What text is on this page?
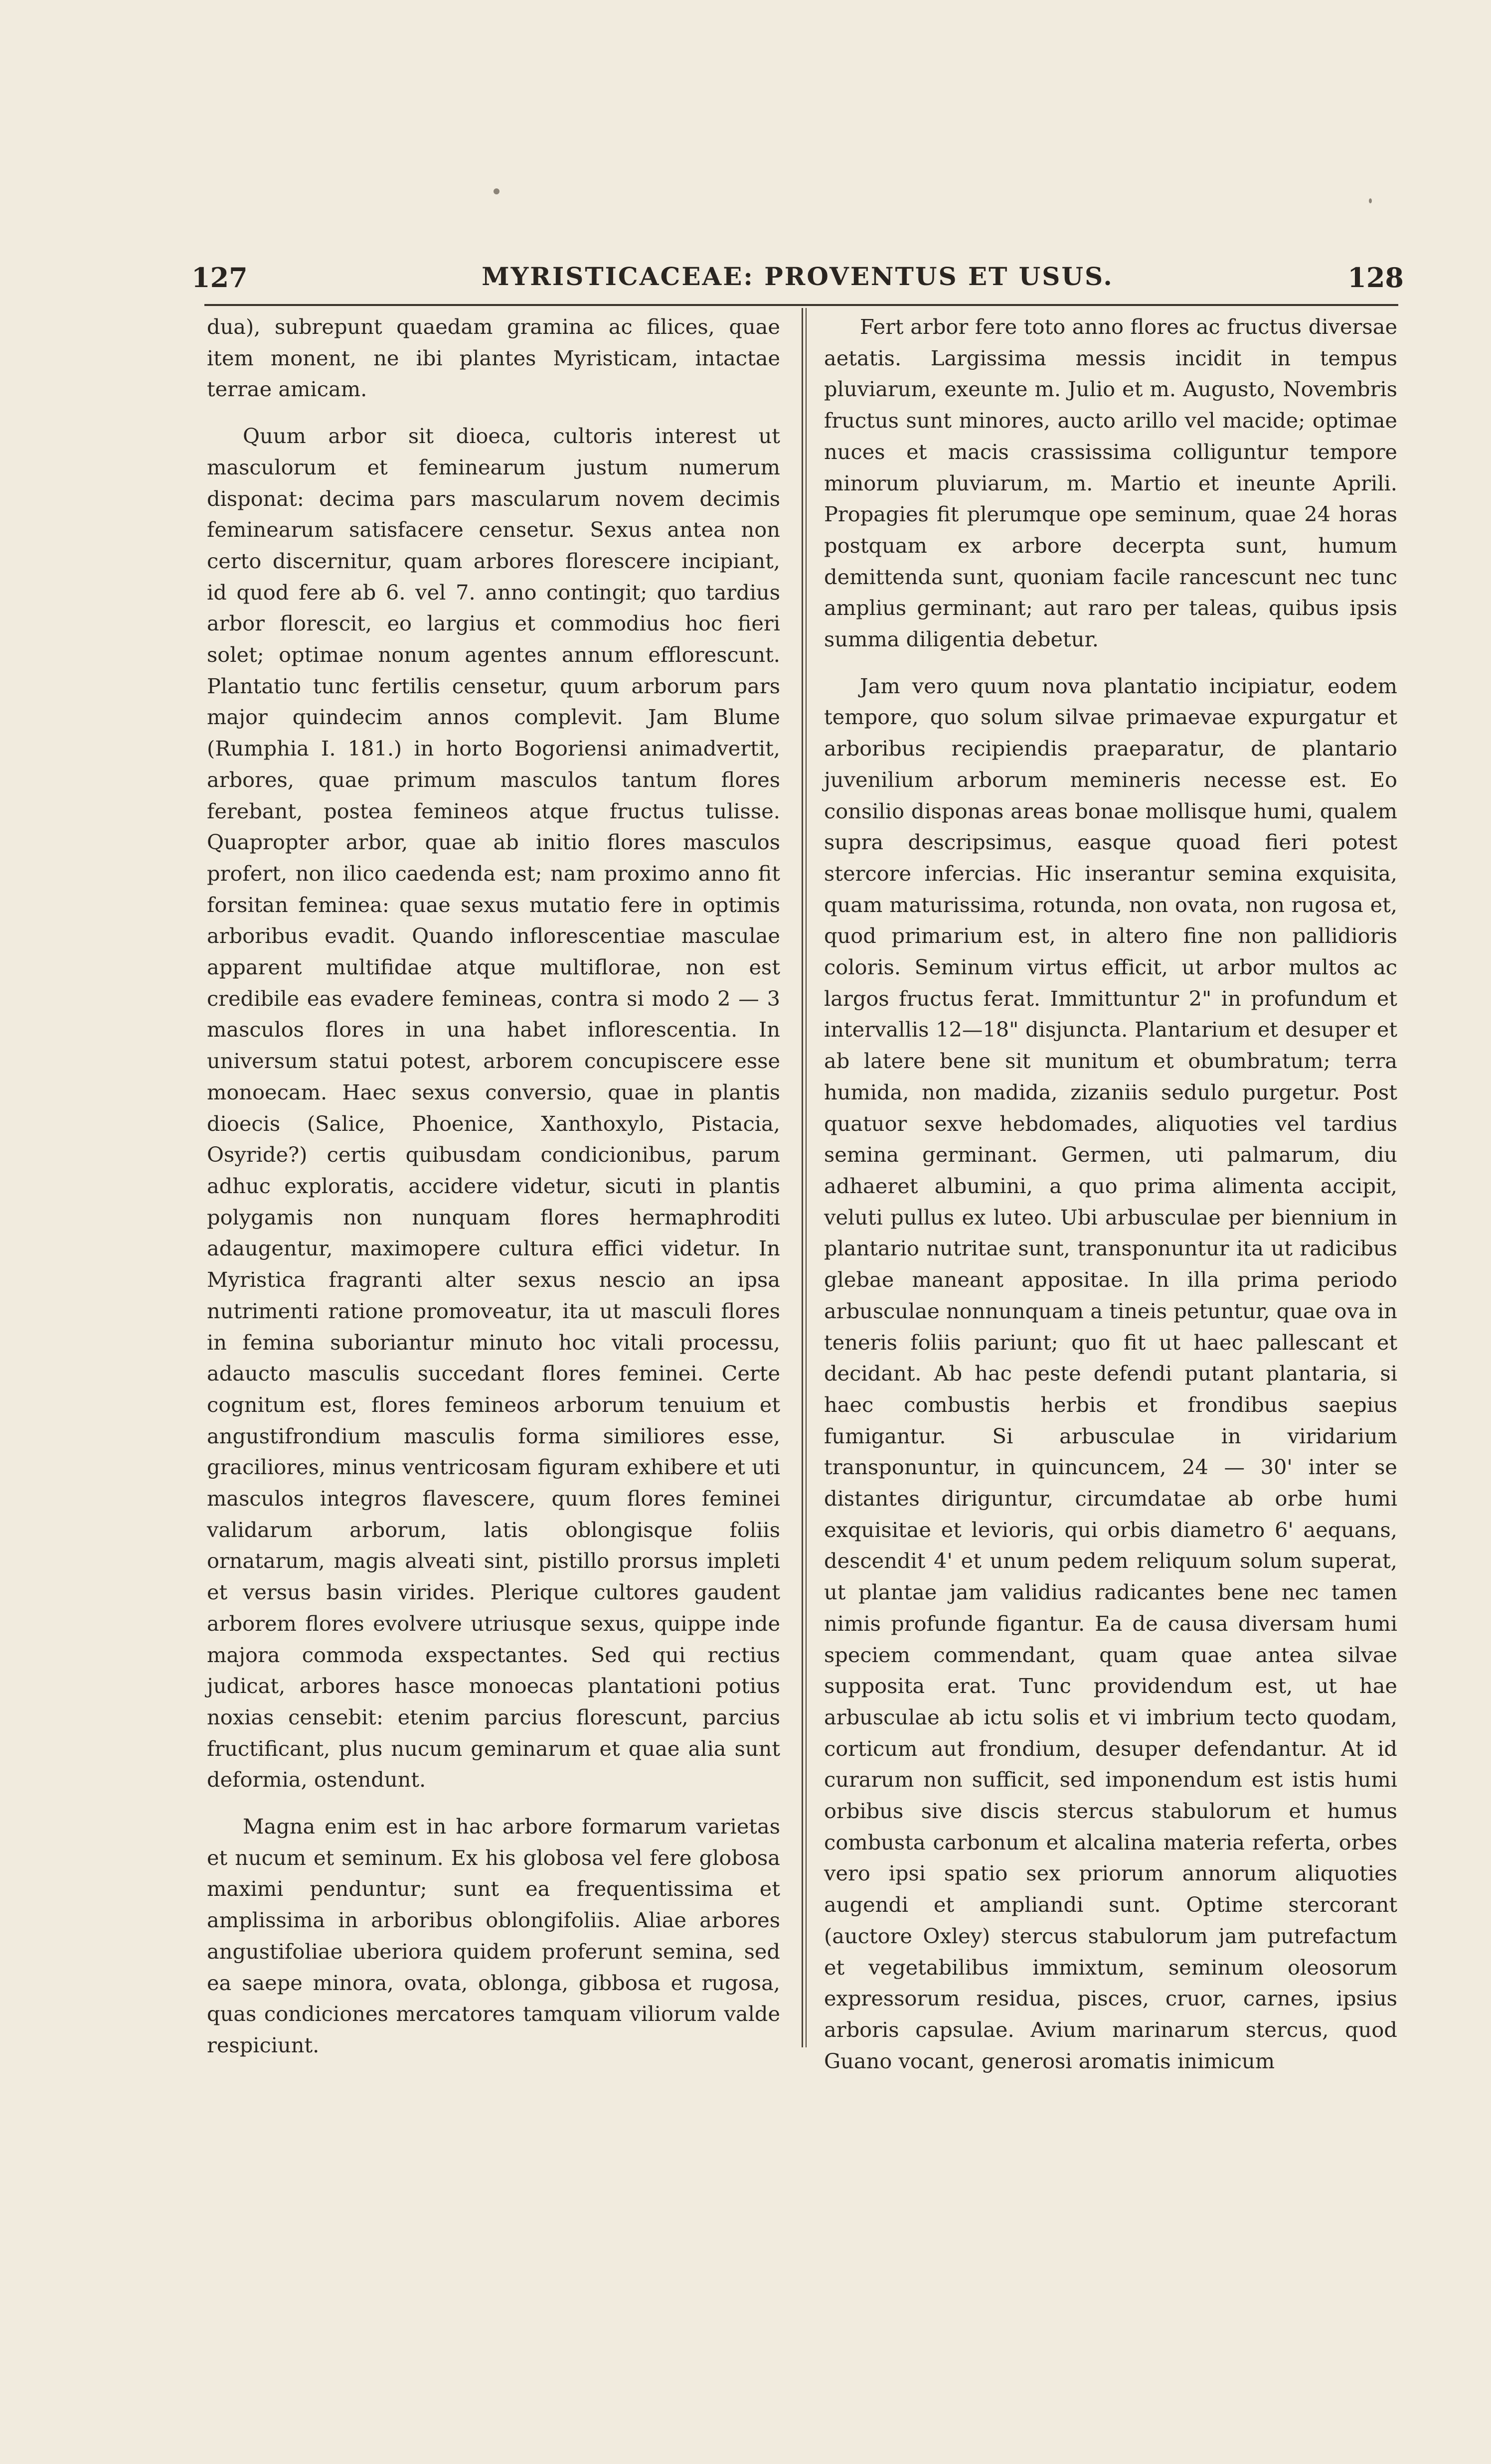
127	MYRISTICACEAE: PROVENTUS ET USUS.	128

dua), subrepunt quaedam gramina ac filices, quae item monent, ne ibi plantes Myristicam, intactae terrae amicam.

Quum arbor sit dioeca, cultoris interest ut masculorum et feminearum justum numerum disponat: decima pars mascularum novem decimis feminearum satisfacere censetur. Sexus antea non certo discernitur, quam arbores florescere incipiant, id quod fere ab 6. vel 7. anno contingit; quo tardius arbor florescit, eo largius et commodius hoc fieri solet; optimae nonum agentes annum efflorescunt. Plantatio tunc fertilis censetur, quum arborum pars major quindecim annos complevit. Jam Blume (Rumphia I. 181.) in horto Bogoriensi animadvertit, arbores, quae primum masculos tantum flores ferebant, postea femineos atque fructus tulisse. Quapropter arbor, quae ab initio flores masculos profert, non ilico caedenda est; nam proximo anno fit forsitan feminea: quae sexus mutatio fere in optimis arboribus evadit. Quando inflorescentiae masculae apparent multifidae atque multiflorae, non est credibile eas evadere femineas, contra si modo 2 — 3 masculos flores in una habet inflorescentia. In universum statui potest, arborem concupiscere esse monoecam. Haec sexus conversio, quae in plantis dioecis (Salice, Phoenice, Xanthoxylo, Pistacia, Osyride?) certis quibusdam condicionibus, parum adhuc exploratis, accidere videtur, sicuti in plantis polygamis non nunquam flores hermaphroditi adaugentur, maximopere cultura effici videtur. In Myristica fragranti alter sexus nescio an ipsa nutrimenti ratione promoveatur, ita ut masculi flores in femina suboriantur minuto hoc vitali processu, adaucto masculis succedant flores feminei. Certe cognitum est, flores femineos arborum tenuium et angustifrondium masculis forma similiores esse, graciliores, minus ventricosam figuram exhibere et uti masculos integros flavescere, quum flores feminei validarum arborum, latis oblongisque foliis ornatarum, magis alveati sint, pistillo prorsus impleti et versus basin virides. Plerique cultores gaudent arborem flores evolvere utriusque sexus, quippe inde majora commoda exspectantes. Sed qui rectius judicat, arbores hasce monoecas plantationi potius noxias censebit: etenim parcius florescunt, parcius fructificant, plus nucum geminarum et quae alia sunt deformia, ostendunt.

Magna enim est in hac arbore formarum varietas et nucum et seminum. Ex his globosa vel fere globosa maximi penduntur; sunt ea frequentissima et amplissima in arboribus oblongifoliis. Aliae arbores angustifoliae uberiora quidem proferunt semina, sed ea saepe minora, ovata, oblonga, gibbosa et rugosa, quas condiciones mercatores tamquam viliorum valde respiciunt.

Fert arbor fere toto anno flores ac fructus diversae aetatis. Largissima messis incidit in tempus pluviarum, exeunte m. Julio et m. Augusto, Novembris fructus sunt minores, aucto arillo vel macide; optimae nuces et macis crassissima colliguntur tempore minorum pluviarum, m. Martio et ineunte Aprili. Propagies fit plerumque ope seminum, quae 24 horas postquam ex arbore decerpta sunt, humum demittenda sunt, quoniam facile rancescunt nec tunc amplius germinant; aut raro per taleas, quibus ipsis summa diligentia debetur.

Jam vero quum nova plantatio incipiatur, eodem tempore, quo solum silvae primaevae expurgatur et arboribus recipiendis praeparatur, de plantario juvenilium arborum memineris necesse est. Eo consilio disponas areas bonae mollisque humi, qualem supra descripsimus, easque quoad fieri potest stercore infercias. Hic inserantur semina exquisita, quam maturissima, rotunda, non ovata, non rugosa et, quod primarium est, in altero fine non pallidioris coloris. Seminum virtus efficit, ut arbor multos ac largos fructus ferat. Immittuntur 2" in profundum et intervallis 12—18" disjuncta. Plantarium et desuper et ab latere bene sit munitum et obumbratum; terra humida, non madida, zizaniis sedulo purgetur. Post quatuor sexve hebdomades, aliquoties vel tardius semina germinant. Germen, uti palmarum, diu adhaeret albumini, a quo prima alimenta accipit, veluti pullus ex luteo. Ubi arbusculae per biennium in plantario nutritae sunt, transponuntur ita ut radicibus glebae maneant appositae. In illa prima periodo arbusculae nonnunquam a tineis petuntur, quae ova in teneris foliis pariunt; quo fit ut haec pallescant et decidant. Ab hac peste defendi putant plantaria, si haec combustis herbis et frondibus saepius fumigantur. Si arbusculae in viridarium transponuntur, in quincuncem, 24 — 30' inter se distantes diriguntur, circumdatae ab orbe humi exquisitae et levioris, qui orbis diametro 6' aequans, descendit 4' et unum pedem reliquum solum superat, ut plantae jam validius radicantes bene nec tamen nimis profunde figantur. Ea de causa diversam humi speciem commendant, quam quae antea silvae supposita erat. Tunc providendum est, ut hae arbusculae ab ictu solis et vi imbrium tecto quodam, corticum aut frondium, desuper defendantur. At id curarum non sufficit, sed imponendum est istis humi orbibus sive discis stercus stabulorum et humus combusta carbonum et alcalina materia referta, orbes vero ipsi spatio sex priorum annorum aliquoties augendi et ampliandi sunt. Optime stercorant (auctore Oxley) stercus stabulorum jam putrefactum et vegetabilibus immixtum, seminum oleosorum expressorum residua, pisces, cruor, carnes, ipsius arboris capsulae. Avium marinarum stercus, quod Guano vocant, generosi aromatis inimicum
